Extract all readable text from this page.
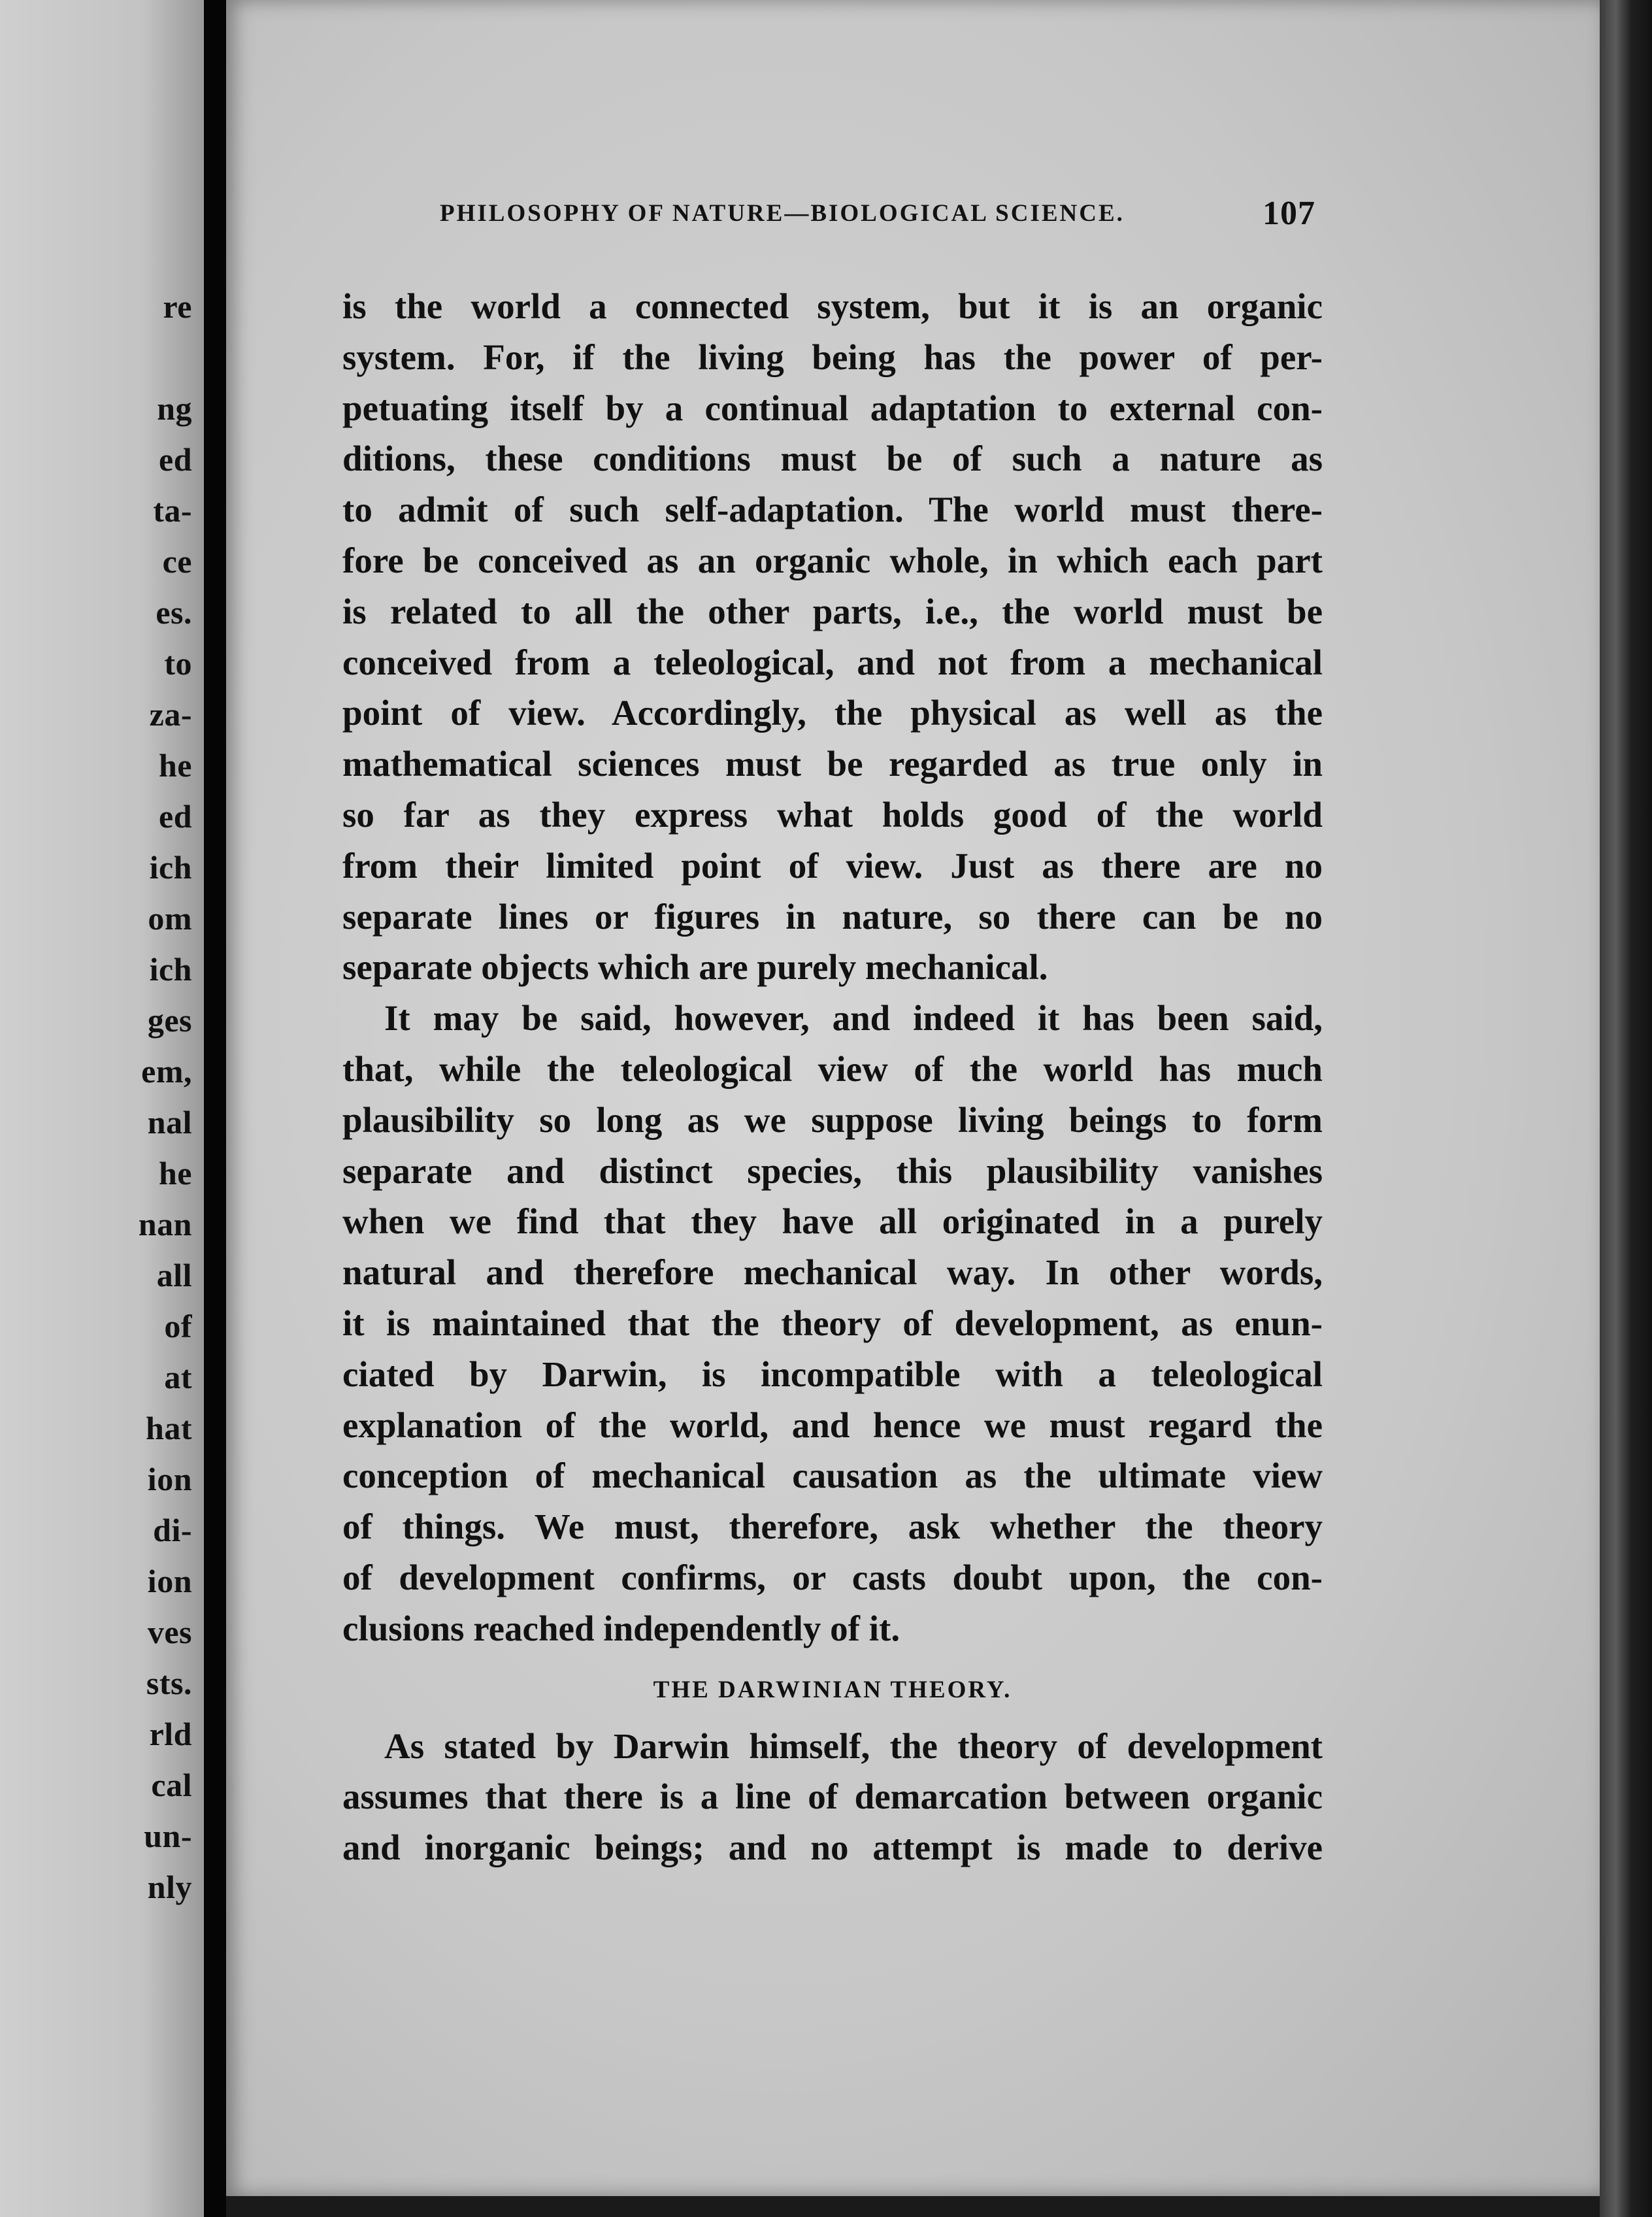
re
ng
ed
ta-
ce
es.
to
za-
he
ed
ich
om
ich
ges
em,
nal
he
nan
all
of
at
hat
ion
di-
ion
ves
sts.
rld
cal
un-
nly
PHILOSOPHY OF NATURE—BIOLOGICAL SCIENCE.	107
is the world a connected system, but it is an organic
system. For, if the living being has the power of per-
petuating itself by a continual adaptation to external con-
ditions, these conditions must be of such a nature as
to admit of such self-adaptation. The world must there-
fore be conceived as an organic whole, in which each part
is related to all the other parts, i.e., the world must be
conceived from a teleological, and not from a mechanical
point of view. Accordingly, the physical as well as the
mathematical sciences must be regarded as true only in
so far as they express what holds good of the world
from their limited point of view. Just as there are no
separate lines or figures in nature, so there can be no
separate objects which are purely mechanical.
It may be said, however, and indeed it has been said,
that, while the teleological view of the world has much
plausibility so long as we suppose living beings to form
separate and distinct species, this plausibility vanishes
when we find that they have all originated in a purely
natural and therefore mechanical way. In other words,
it is maintained that the theory of development, as enun-
ciated by Darwin, is incompatible with a teleological
explanation of the world, and hence we must regard the
conception of mechanical causation as the ultimate view
of things. We must, therefore, ask whether the theory
of development confirms, or casts doubt upon, the con-
clusions reached independently of it.
THE DARWINIAN THEORY.
As stated by Darwin himself, the theory of development
assumes that there is a line of demarcation between organic
and inorganic beings; and no attempt is made to derive
